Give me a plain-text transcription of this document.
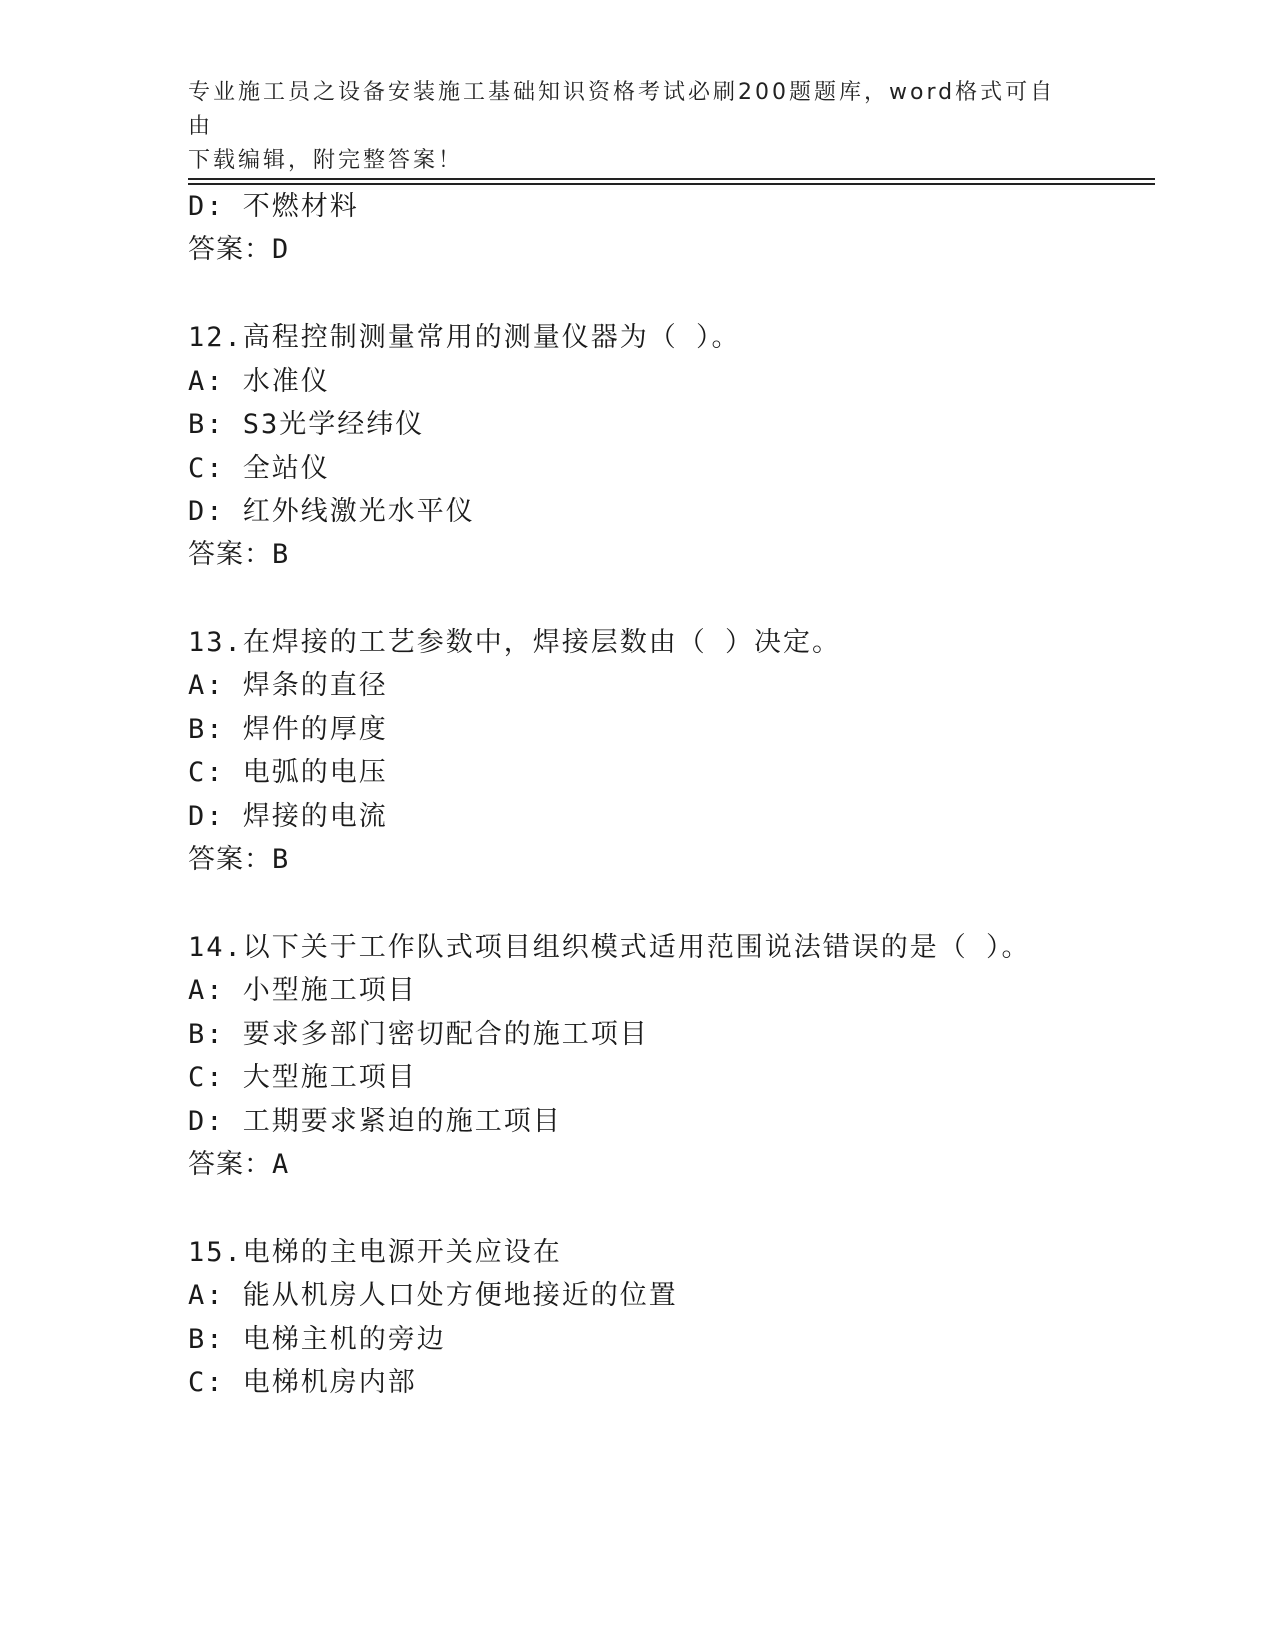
专业施工员之设备安装施工基础知识资格考试必刷200题题库，word格式可自由
下载编辑，附完整答案！
D: 不燃材料
答案：D
12.高程控制测量常用的测量仪器为（ ）。
A: 水准仪
B: S3光学经纬仪
C: 全站仪
D: 红外线激光水平仪
答案：B
13.在焊接的工艺参数中，焊接层数由（ ）决定。
A: 焊条的直径
B: 焊件的厚度
C: 电弧的电压
D: 焊接的电流
答案：B
14.以下关于工作队式项目组织模式适用范围说法错误的是（ ）。
A: 小型施工项目
B: 要求多部门密切配合的施工项目
C: 大型施工项目
D: 工期要求紧迫的施工项目
答案：A
15.电梯的主电源开关应设在
A: 能从机房人口处方便地接近的位置
B: 电梯主机的旁边
C: 电梯机房内部
